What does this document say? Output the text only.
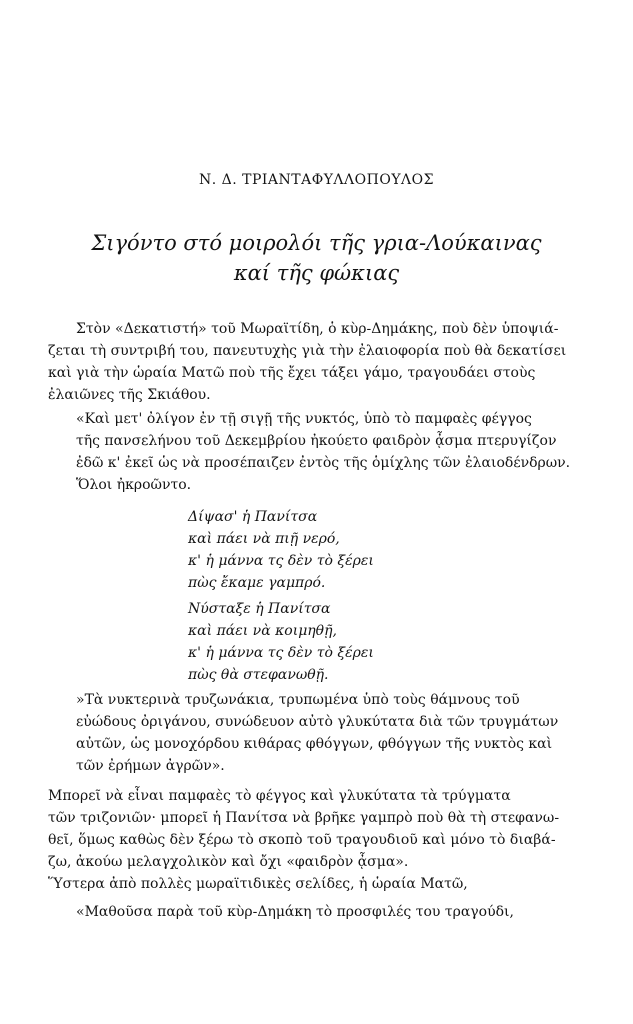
Ν. Δ. ΤΡΙΑΝΤΑΦΥΛΛΟΠΟΥΛΟΣ
Σιγόντο στό μοιρολόι τῆς γρια-Λούκαινας
καί τῆς φώκιας
Στὸν «Δεκατιστή» τοῦ Μωραϊτίδη, ὁ κὺρ-Δημάκης, ποὺ δὲν ὑποψιά-
ζεται τὴ συντριβή του, πανευτυχὴς γιὰ τὴν ἐλαιοφορία ποὺ θὰ δεκατίσει
καὶ γιὰ τὴν ὡραία Ματῶ ποὺ τῆς ἔχει τάξει γάμο, τραγουδάει στοὺς
ἐλαιῶνες τῆς Σκιάθου.
«Καὶ μετ' ὀλίγον ἐν τῇ σιγῇ τῆς νυκτός, ὑπὸ τὸ παμφαὲς φέγγος
τῆς πανσελήνου τοῦ Δεκεμβρίου ἠκούετο φαιδρὸν ᾆσμα πτερυγίζον
ἐδῶ κ' ἐκεῖ ὡς νὰ προσέπαιζεν ἐντὸς τῆς ὁμίχλης τῶν ἐλαιοδένδρων.
Ὅλοι ἠκροῶντο.
Δίψασ' ἡ Πανίτσα
καὶ πάει νὰ πιῇ νερό,
κ' ἡ μάννα τς δὲν τὸ ξέρει
πὼς ἔκαμε γαμπρό.
Νύσταξε ἡ Πανίτσα
καὶ πάει νὰ κοιμηθῇ,
κ' ἡ μάννα τς δὲν τὸ ξέρει
πὼς θὰ στεφανωθῇ.
»Τὰ νυκτερινὰ τρυζωνάκια, τρυπωμένα ὑπὸ τοὺς θάμνους τοῦ
εὐώδους ὀριγάνου, συνώδευον αὐτὸ γλυκύτατα διὰ τῶν τρυγμάτων
αὐτῶν, ὡς μονοχόρδου κιθάρας φθόγγων, φθόγγων τῆς νυκτὸς καὶ
τῶν ἐρήμων ἀγρῶν».
Μπορεῖ νὰ εἶναι παμφαὲς τὸ φέγγος καὶ γλυκύτατα τὰ τρύγματα
τῶν τριζονιῶν· μπορεῖ ἡ Πανίτσα νὰ βρῆκε γαμπρὸ ποὺ θὰ τὴ στεφανω-
θεῖ, ὅμως καθὼς δὲν ξέρω τὸ σκοπὸ τοῦ τραγουδιοῦ καὶ μόνο τὸ διαβά-
ζω, ἀκούω μελαγχολικὸν καὶ ὄχι «φαιδρὸν ᾆσμα».
Ὕστερα ἀπὸ πολλὲς μωραϊτιδικὲς σελίδες, ἡ ὡραία Ματῶ,
«Μαθοῦσα παρὰ τοῦ κὺρ-Δημάκη τὸ προσφιλές του τραγούδι,
